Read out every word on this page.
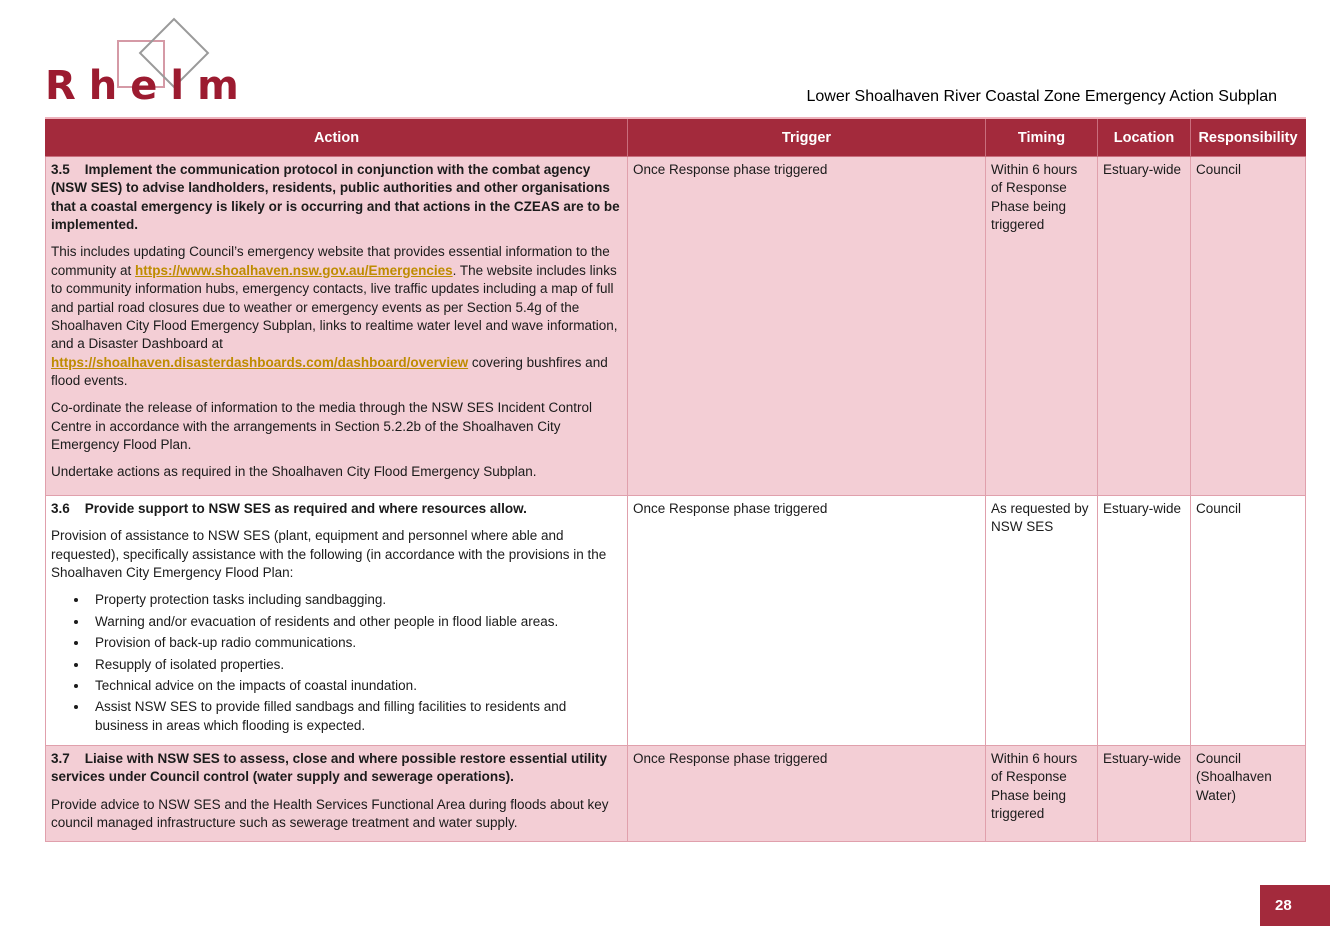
Rhelm	Lower Shoalhaven River Coastal Zone Emergency Action Subplan
Action	Trigger	Timing	Location	Responsibility

3.5 Implement the communication protocol in conjunction with the combat agency (NSW SES) to advise landholders, residents, public authorities and other organisations that a coastal emergency is likely or is occurring and that actions in the CZEAS are to be implemented.

This includes updating Council’s emergency website that provides essential information to the community at https://www.shoalhaven.nsw.gov.au/Emergencies. The website includes links to community information hubs, emergency contacts, live traffic updates including a map of full and partial road closures due to weather or emergency events as per Section 5.4g of the Shoalhaven City Flood Emergency Subplan, links to realtime water level and wave information, and a Disaster Dashboard at https://shoalhaven.disasterdashboards.com/dashboard/overview covering bushfires and flood events.

Co-ordinate the release of information to the media through the NSW SES Incident Control Centre in accordance with the arrangements in Section 5.2.2b of the Shoalhaven City Emergency Flood Plan.

Undertake actions as required in the Shoalhaven City Flood Emergency Subplan.	Once Response phase triggered	Within 6 hours of Response Phase being triggered	Estuary-wide	Council

3.6 Provide support to NSW SES as required and where resources allow.

Provision of assistance to NSW SES (plant, equipment and personnel where able and requested), specifically assistance with the following (in accordance with the provisions in the Shoalhaven City Emergency Flood Plan:

• Property protection tasks including sandbagging.
• Warning and/or evacuation of residents and other people in flood liable areas.
• Provision of back-up radio communications.
• Resupply of isolated properties.
• Technical advice on the impacts of coastal inundation.
• Assist NSW SES to provide filled sandbags and filling facilities to residents and business in areas which flooding is expected.
	Once Response phase triggered	As requested by NSW SES	Estuary-wide	Council

3.7 Liaise with NSW SES to assess, close and where possible restore essential utility services under Council control (water supply and sewerage operations).

Provide advice to NSW SES and the Health Services Functional Area during floods about key council managed infrastructure such as sewerage treatment and water supply.	Once Response phase triggered	Within 6 hours of Response Phase being triggered	Estuary-wide	Council (Shoalhaven Water)
28
